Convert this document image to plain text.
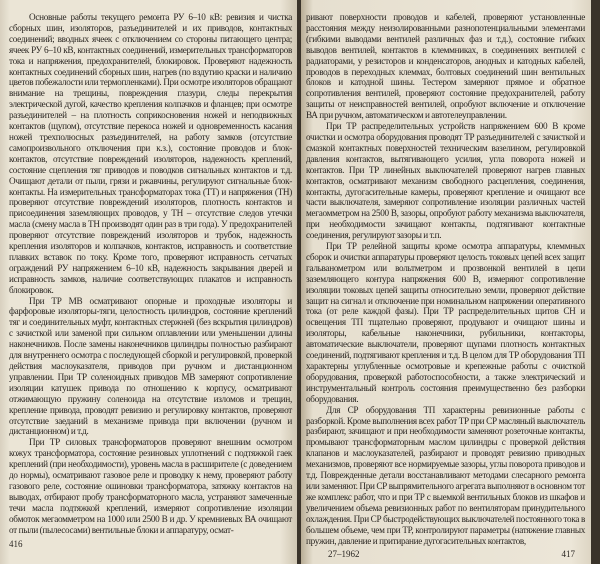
Основные работы текущего ремонта РУ 6–10 кВ: ревизия и чистка сборных шин, изоляторов, разъединителей и их приводов, контактных соединений; вводных ячеек с отключением со стороны питающего центра; ячеек РУ 6–10 кВ, контактных соединений, измерительных трансформаторов тока и напряжения, предохранителей, блокировок. Проверяют надежность контактных соединений сборных шин, нагрев (по вздутию краски и наличию цветов побежалости или термопленками). При осмотре изоляторов обращают внимание на трещины, повреждения глазури, следы перекрытия электрической дугой, качество крепления колпачков и фланцев; при осмотре разъединителей – на плотность соприкосновения ножей и неподвижных контактов (щупом), отсутствие перекоса ножей и одновременность касания ножей трехполюсных разъединителей, на работу замков (отсутствие самопроизвольного отключения при к.з.), состояние проводов и блок-контактов, отсутствие повреждений изоляторов, надежность креплений, состояние сцепления тяг приводов и поводков сигнальных контактов и т.д. Очищают детали от пыли, грязи и ржавчины, регулируют сигнальные блок-контакты. На измерительных трансформаторах тока (ТТ) и напряжения (ТН) проверяют отсутствие повреждений изоляторов, плотность контактов и присоединения заземляющих проводов, у ТН – отсутствие следов утечки масла (смену масла в ТН производят один раз в три года). У предохранителей проверяют отсутствие повреждений изоляторов и трубок, надежность крепления изоляторов и колпачков, контактов, исправность и соответствие плавких вставок по току. Кроме того, проверяют исправность сетчатых ограждений РУ напряжением 6–10 кВ, надежность закрывания дверей и исправность замков, наличие соответствующих плакатов и исправность блокировок.

При ТР МВ осматривают опорные и проходные изоляторы и фарфоровые изоляторы-тяги, целостность цилиндров, состояние креплений тяг и соединительных муфт, контактных стержней (без вскрытия цилиндров) с зачисткой или заменой при сильном оплавлении или уменьшении длины наконечников. После замены наконечников цилиндры полностью разбирают для внутреннего осмотра с последующей сборкой и регулировкой, проверкой действия маслоуказателя, приводов при ручном и дистанционном управлении. При ТР соленоидных приводов МВ замеряют сопротивление изоляции катушек привода по отношению к корпусу, осматривают отжимающую пружину соленоида на отсутствие изломов и трещин, крепление привода, проводят ревизию и регулировку контактов, проверяют отсутствие заеданий в механизме привода при включении (ручном и дистанционном) и т.д.

При ТР силовых трансформаторов проверяют внешним осмотром кожух трансформатора, состояние резиновых уплотнений с подтяжкой гаек креплений (при необходимости), уровень масла в расширителе (с доведением до нормы), осматривают газовое реле и проводку к нему, проверяют работу газового реле, состояние ошиновки трансформатора, затяжку контактов на выводах, отбирают пробу трансформаторного масла, устраняют замеченные течи масла подтяжкой креплений, измеряют сопротивление изоляции обмоток мегаомметром на 1000 или 2500 В и др. У кремниевых ВА очищают от пыли (пылесосами) вентильные блоки и аппаратуру, осмат-

416

ривают поверхности проводов и кабелей, проверяют установленные расстояния между неизолированными разнопотенциальными элементами (гибкими выводами вентилей различных фаз и т.д.), состояние гибких выводов вентилей, контактов в клеммниках, в соединениях вентилей с радиаторами, у резисторов и конденсаторов, анодных и катодных кабелей, проводов в переходных клеммах, болтовых соединений шин вентильных блоков и катодной шины. Тестером замеряют прямое и обратное сопротивления вентилей, проверяют состояние предохранителей, работу защиты от неисправностей вентилей, опробуют включение и отключение ВА при ручном, автоматическом и автотелеуправлении.

При ТР распределительных устройств напряжением 600 В кроме очистки и осмотра оборудования проводят ТР разъединителей с зачисткой и смазкой контактных поверхностей техническим вазелином, регулировкой давления контактов, вытягивающего усилия, угла поворота ножей и контактов. При ТР линейных выключателей проверяют нагрев главных контактов, осматривают механизм свободного расцепления, соединения, контакты, дугогасительные камеры, проверяют крепление и очищают все части выключателя, замеряют сопротивление изоляции различных частей мегаомметром на 2500 В, зазоры, опробуют работу механизма выключателя, при необходимости зачищают контакты, подтягивают контактные соединения, регулируют зазоры и т.п.

При ТР релейной защиты кроме осмотра аппаратуры, клеммных сборок и очистки аппаратуры проверяют целость токовых цепей всех защит гальванометром или вольтметром и прозвонкой вентилей в цепи заземляющего контура напряжения 600 В, измеряют сопротивление изоляции токовых цепей защиты относительно земли, проверяют действие защит на сигнал и отключение при номинальном напряжении оперативного тока (от реле каждой фазы). При ТР распределительных щитов СН и освещения ТП тщательно проверяют, продувают и очищают шины и изоляторы, кабельные наконечники, рубильники, контакторы, автоматические выключатели, проверяют щупами плотность контактных соединений, подтягивают крепления и т.д. В целом для ТР оборудования ТП характерны углубленные осмотровые и крепежные работы с очисткой оборудования, проверкой работоспособности, а также электрический и инструментальный контроль состояния преимущественно без разборки оборудования.

Для СР оборудования ТП характерны ревизионные работы с разборкой. Кроме выполнения всех работ ТР при СР масляный выключатель разбирают, зачищают и при необходимости заменяют розеточные контакты, промывают трансформаторным маслом цилиндры с проверкой действия клапанов и маслоуказателей, разбирают и проводят ревизию приводных механизмов, проверяют все нормируемые зазоры, углы поворота приводов и т.д. Поврежденные детали восстанавливают методами слесарного ремонта или заменяют. При СР выпрямительного агрегата выполняют в основном тот же комплекс работ, что и при ТР с выемкой вентильных блоков из шкафов и увеличением объема ревизионных работ по вентиляторам принудительного охлаждения. При СР быстродействующих выключателей постоянного тока в большем объеме, чем при ТР, контролируют параметры (натяжение главных пружин, давление и притирание дугогасительных контактов,

27–1962	417
